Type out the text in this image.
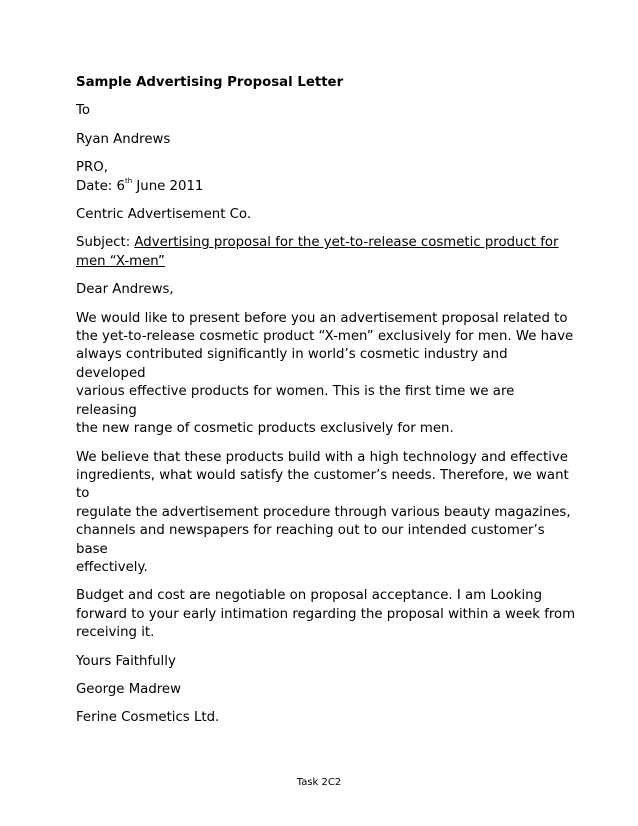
Sample Advertising Proposal Letter

To

Ryan Andrews

PRO,
Date: 6th June 2011

Centric Advertisement Co.

Subject: Advertising proposal for the yet-to-release cosmetic product for
men “X-men”

Dear Andrews,

We would like to present before you an advertisement proposal related to
the yet-to-release cosmetic product “X-men” exclusively for men. We have
always contributed significantly in world’s cosmetic industry and developed
various effective products for women. This is the first time we are releasing
the new range of cosmetic products exclusively for men.

We believe that these products build with a high technology and effective
ingredients, what would satisfy the customer’s needs. Therefore, we want to
regulate the advertisement procedure through various beauty magazines,
channels and newspapers for reaching out to our intended customer’s base
effectively.

Budget and cost are negotiable on proposal acceptance. I am Looking
forward to your early intimation regarding the proposal within a week from
receiving it.

Yours Faithfully

George Madrew

Ferine Cosmetics Ltd.

Task 2C2
